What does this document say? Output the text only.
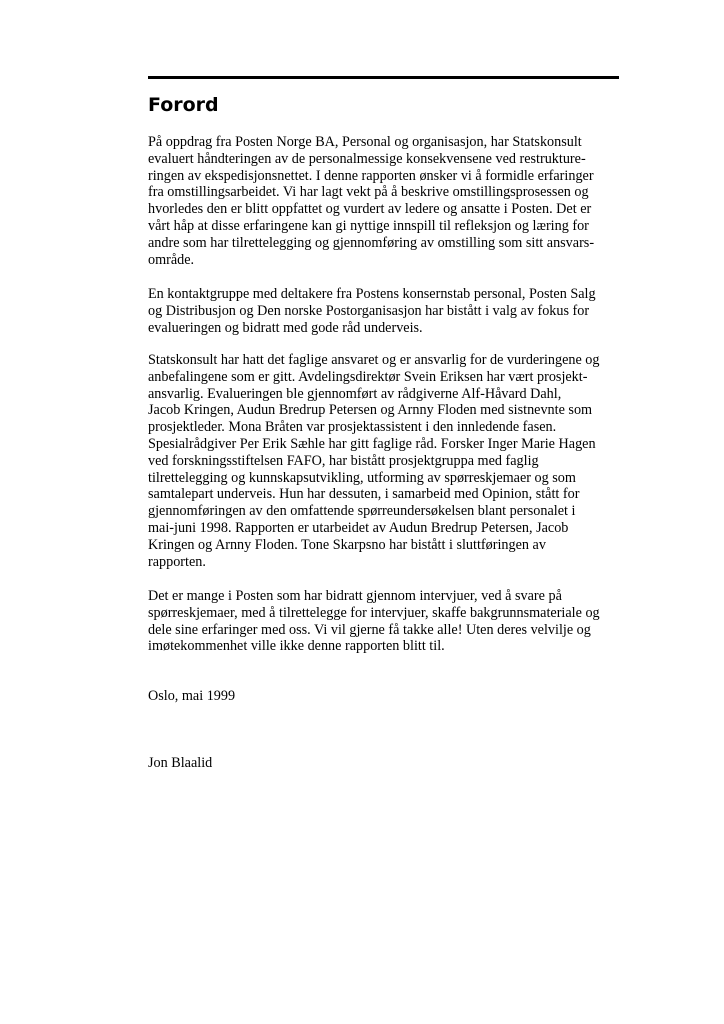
Forord

På oppdrag fra Posten Norge BA, Personal og organisasjon, har Statskonsult
evaluert håndteringen av de personalmessige konsekvensene ved restrukture-
ringen av ekspedisjonsnettet. I denne rapporten ønsker vi å formidle erfaringer
fra omstillingsarbeidet. Vi har lagt vekt på å beskrive omstillingsprosessen og
hvorledes den er blitt oppfattet og vurdert av ledere og ansatte i Posten. Det er
vårt håp at disse erfaringene kan gi nyttige innspill til refleksjon og læring for
andre som har tilrettelegging og gjennomføring av omstilling som sitt ansvars-
område.

En kontaktgruppe med deltakere fra Postens konsernstab personal, Posten Salg
og Distribusjon og Den norske Postorganisasjon har bistått i valg av fokus for
evalueringen og bidratt med gode råd underveis.

Statskonsult har hatt det faglige ansvaret og er ansvarlig for de vurderingene og
anbefalingene som er gitt. Avdelingsdirektør Svein Eriksen har vært prosjekt-
ansvarlig. Evalueringen ble gjennomført av rådgiverne Alf-Håvard Dahl,
Jacob Kringen, Audun Bredrup Petersen og Arnny Floden med sistnevnte som
prosjektleder. Mona Bråten var prosjektassistent i den innledende fasen.
Spesialrådgiver Per Erik Sæhle har gitt faglige råd. Forsker Inger Marie Hagen
ved forskningsstiftelsen FAFO, har bistått prosjektgruppa med faglig
tilrettelegging og kunnskapsutvikling, utforming av spørreskjemaer og som
samtalepart underveis. Hun har dessuten, i samarbeid med Opinion, stått for
gjennomføringen av den omfattende spørreundersøkelsen blant personalet i
mai-juni 1998. Rapporten er utarbeidet av Audun Bredrup Petersen, Jacob
Kringen og Arnny Floden. Tone Skarpsno har bistått i sluttføringen av
rapporten.

Det er mange i Posten som har bidratt gjennom intervjuer, ved å svare på
spørreskjemaer, med å tilrettelegge for intervjuer, skaffe bakgrunnsmateriale og
dele sine erfaringer med oss. Vi vil gjerne få takke alle! Uten deres velvilje og
imøtekommenhet ville ikke denne rapporten blitt til.

Oslo, mai 1999

Jon Blaalid
